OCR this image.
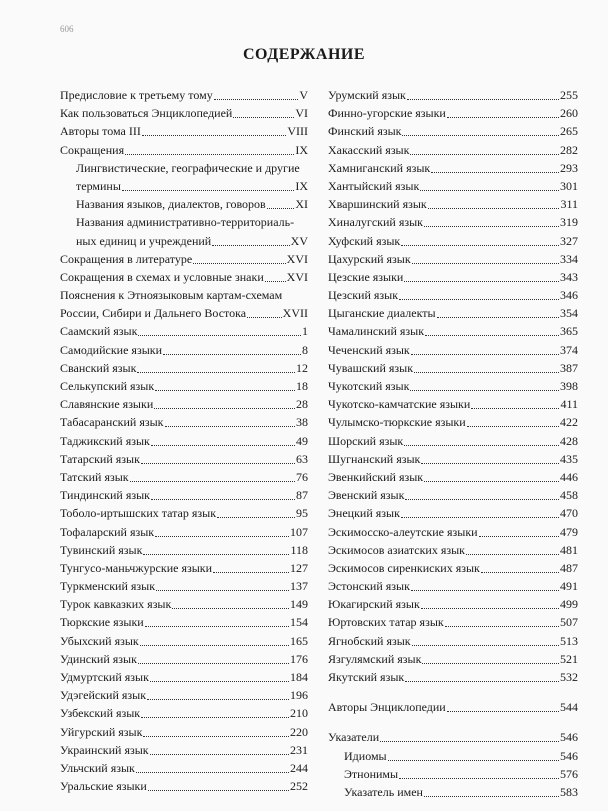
606
СОДЕРЖАНИЕ
Предисловие к третьему тому	V
Как пользоваться Энциклопедией	VI
Авторы тома III	VIII
Сокращения	IX
Лингвистические, географические и другие
термины	IX
Названия языков, диалектов, говоров XI
Названия административно-территориаль-
ных единиц и учреждений	XV
Сокращения в литературе	XVI
Сокращения в схемах и условные знаки XVI
Пояснения к Этноязыковым картам-схемам
России, Сибири и Дальнего Востока	XVII
Саамский язык	1
Самодийские языки	8
Сванский язык	12
Селькупский язык	18
Славянские языки	28
Табасаранский язык	38
Таджикский язык	49
Татарский язык	63
Татский язык	76
Тиндинский язык	87
Тоболо-иртышских татар язык	95
Тофаларский язык	107
Тувинский язык	118
Тунгусо-маньчжурские языки	127
Туркменский язык	137
Турок кавказких язык	149
Тюркские языки	154
Убыхский язык	165
Удинский язык	176
Удмуртский язык	184
Удэгейский язык	196
Узбекский язык	210
Уйгурский язык	220
Украинский язык	231
Ульчский язык	244
Уральские языки	252
Урумский язык	255
Финно-угорские языки	260
Финский язык	265
Хакасский язык	282
Хамниганский язык	293
Хантыйский язык	301
Хваршинский язык	311
Хиналугский язык	319
Хуфский язык	327
Цахурский язык	334
Цезские языки	343
Цезский язык	346
Цыганские диалекты	354
Чамалинский язык	365
Чеченский язык	374
Чувашский язык	387
Чукотский язык	398
Чукотско-камчатские языки	411
Чулымско-тюркские языки	422
Шорский язык	428
Шугнанский язык	435
Эвенкийский язык	446
Эвенский язык	458
Энецкий язык	470
Эскимосско-алеутские языки	479
Эскимосов азиатских язык	481
Эскимосов сиренкиских язык	487
Эстонский язык	491
Юкагирский язык	499
Юртовских татар язык	507
Ягнобский язык	513
Язгулямский язык	521
Якутский язык	532
Авторы Энциклопедии	544
Указатели	546
Идиомы	546
Этнонимы	576
Указатель имен	583
